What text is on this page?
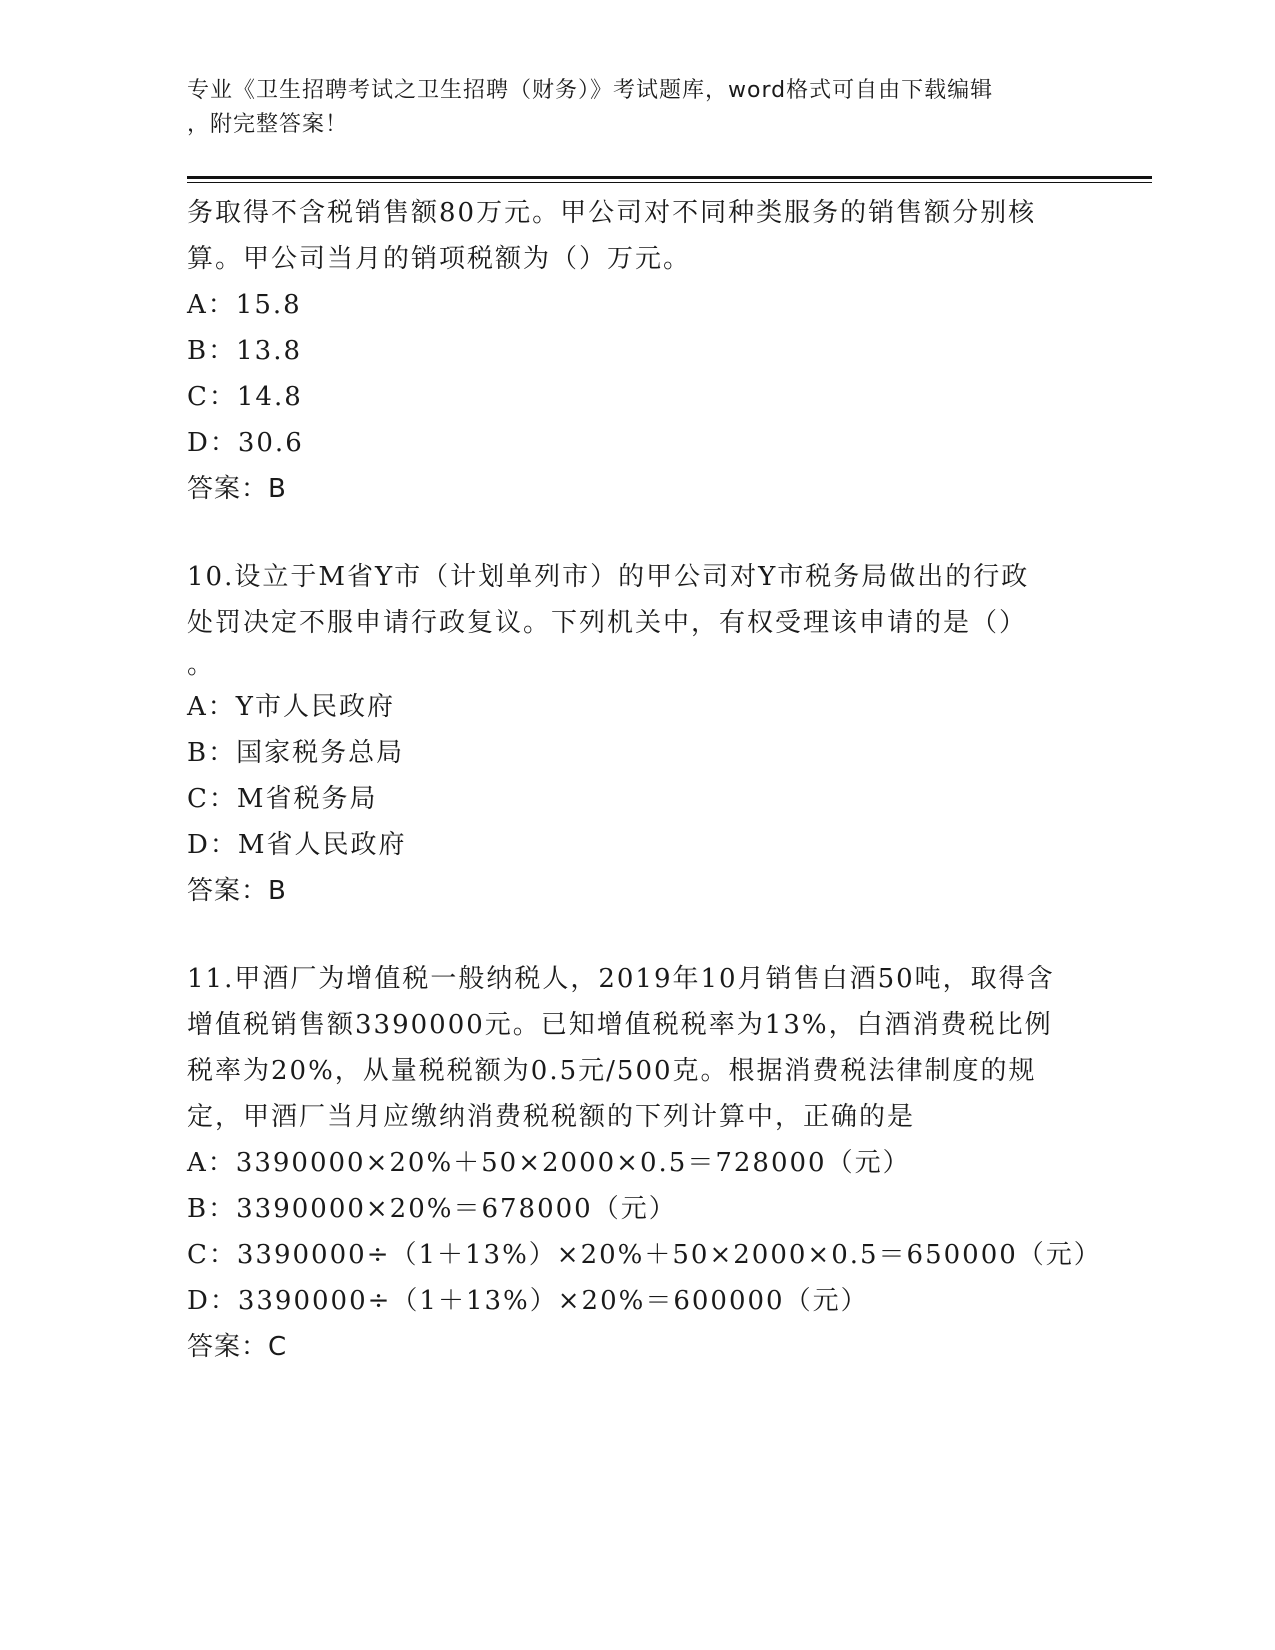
专业《卫生招聘考试之卫生招聘（财务）》考试题库，word格式可自由下载编辑
，附完整答案！
务取得不含税销售额80万元。甲公司对不同种类服务的销售额分别核
算。甲公司当月的销项税额为（）万元。
A：15.8
B：13.8
C：14.8
D：30.6
答案：B
10.设立于M省Y市（计划单列市）的甲公司对Y市税务局做出的行政
处罚决定不服申请行政复议。下列机关中，有权受理该申请的是（）
。
A：Y市人民政府
B：国家税务总局
C：M省税务局
D：M省人民政府
答案：B
11.甲酒厂为增值税一般纳税人，2019年10月销售白酒50吨，取得含
增值税销售额3390000元。已知增值税税率为13%，白酒消费税比例
税率为20%，从量税税额为0.5元/500克。根据消费税法律制度的规
定，甲酒厂当月应缴纳消费税税额的下列计算中，正确的是
A：3390000×20%＋50×2000×0.5＝728000（元）
B：3390000×20%＝678000（元）
C：3390000÷（1＋13%）×20%＋50×2000×0.5＝650000（元）
D：3390000÷（1＋13%）×20%＝600000（元）
答案：C
